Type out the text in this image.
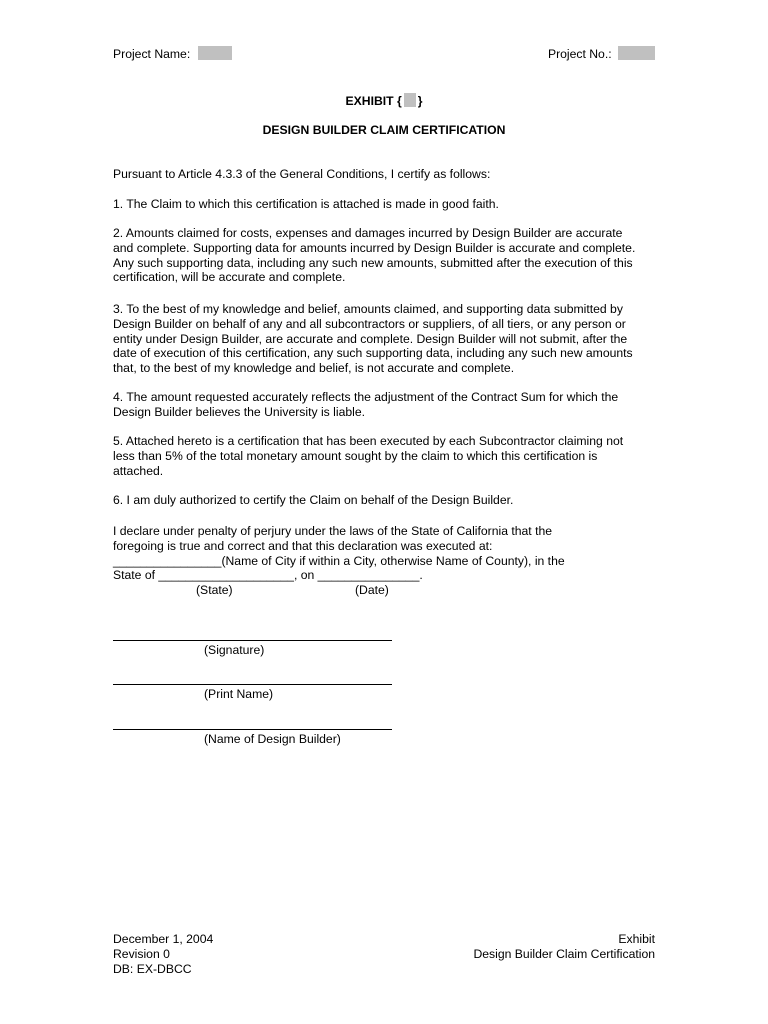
Project Name:	Project No.:
EXHIBIT { }
DESIGN BUILDER CLAIM CERTIFICATION
Pursuant to Article 4.3.3 of the General Conditions, I certify as follows:
1. The Claim to which this certification is attached is made in good faith.
2. Amounts claimed for costs, expenses and damages incurred by Design Builder are accurate
and complete. Supporting data for amounts incurred by Design Builder is accurate and complete.
Any such supporting data, including any such new amounts, submitted after the execution of this
certification, will be accurate and complete.
3. To the best of my knowledge and belief, amounts claimed, and supporting data submitted by
Design Builder on behalf of any and all subcontractors or suppliers, of all tiers, or any person or
entity under Design Builder, are accurate and complete. Design Builder will not submit, after the
date of execution of this certification, any such supporting data, including any such new amounts
that, to the best of my knowledge and belief, is not accurate and complete.
4. The amount requested accurately reflects the adjustment of the Contract Sum for which the
Design Builder believes the University is liable.
5. Attached hereto is a certification that has been executed by each Subcontractor claiming not
less than 5% of the total monetary amount sought by the claim to which this certification is
attached.
6. I am duly authorized to certify the Claim on behalf of the Design Builder.
I declare under penalty of perjury under the laws of the State of California that the
foregoing is true and correct and that this declaration was executed at:
________________(Name of City if within a City, otherwise Name of County), in the
State of ____________________, on _______________.
(State)	(Date)
(Signature)
(Print Name)
(Name of Design Builder)
December 1, 2004
Revision 0
DB: EX-DBCC
Exhibit
Design Builder Claim Certification
